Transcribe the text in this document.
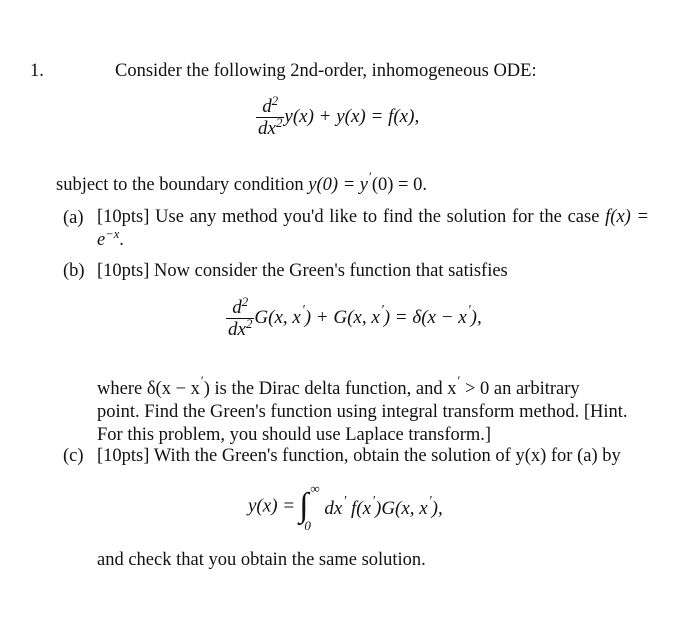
1.	Consider the following 2nd-order, inhomogeneous ODE:
$\frac{d^2}{dx^2} y(x) + y(x) = f(x)$,
subject to the boundary condition y(0) = y′(0) = 0.
(a) [10pts] Use any method you'd like to find the solution for the case $f(x) = e^{-x}$.
(b) [10pts] Now consider the Green's function that satisfies
$\frac{d^2}{dx^2} G(x$, x′) + G(x, x′) = δ(x − x′),
where δ(x − x′) is the Dirac delta function, and x′ > 0 an arbitrary
point. Find the Green's function using integral transform method. [Hint.
For this problem, you should use Laplace transform.]
(c) [10pts] With the Green's function, obtain the solution of y(x) for (a) by
y(x) = ∫ ∞
0
dx′ f(x′)G(x, x′),
and check that you obtain the same solution.
